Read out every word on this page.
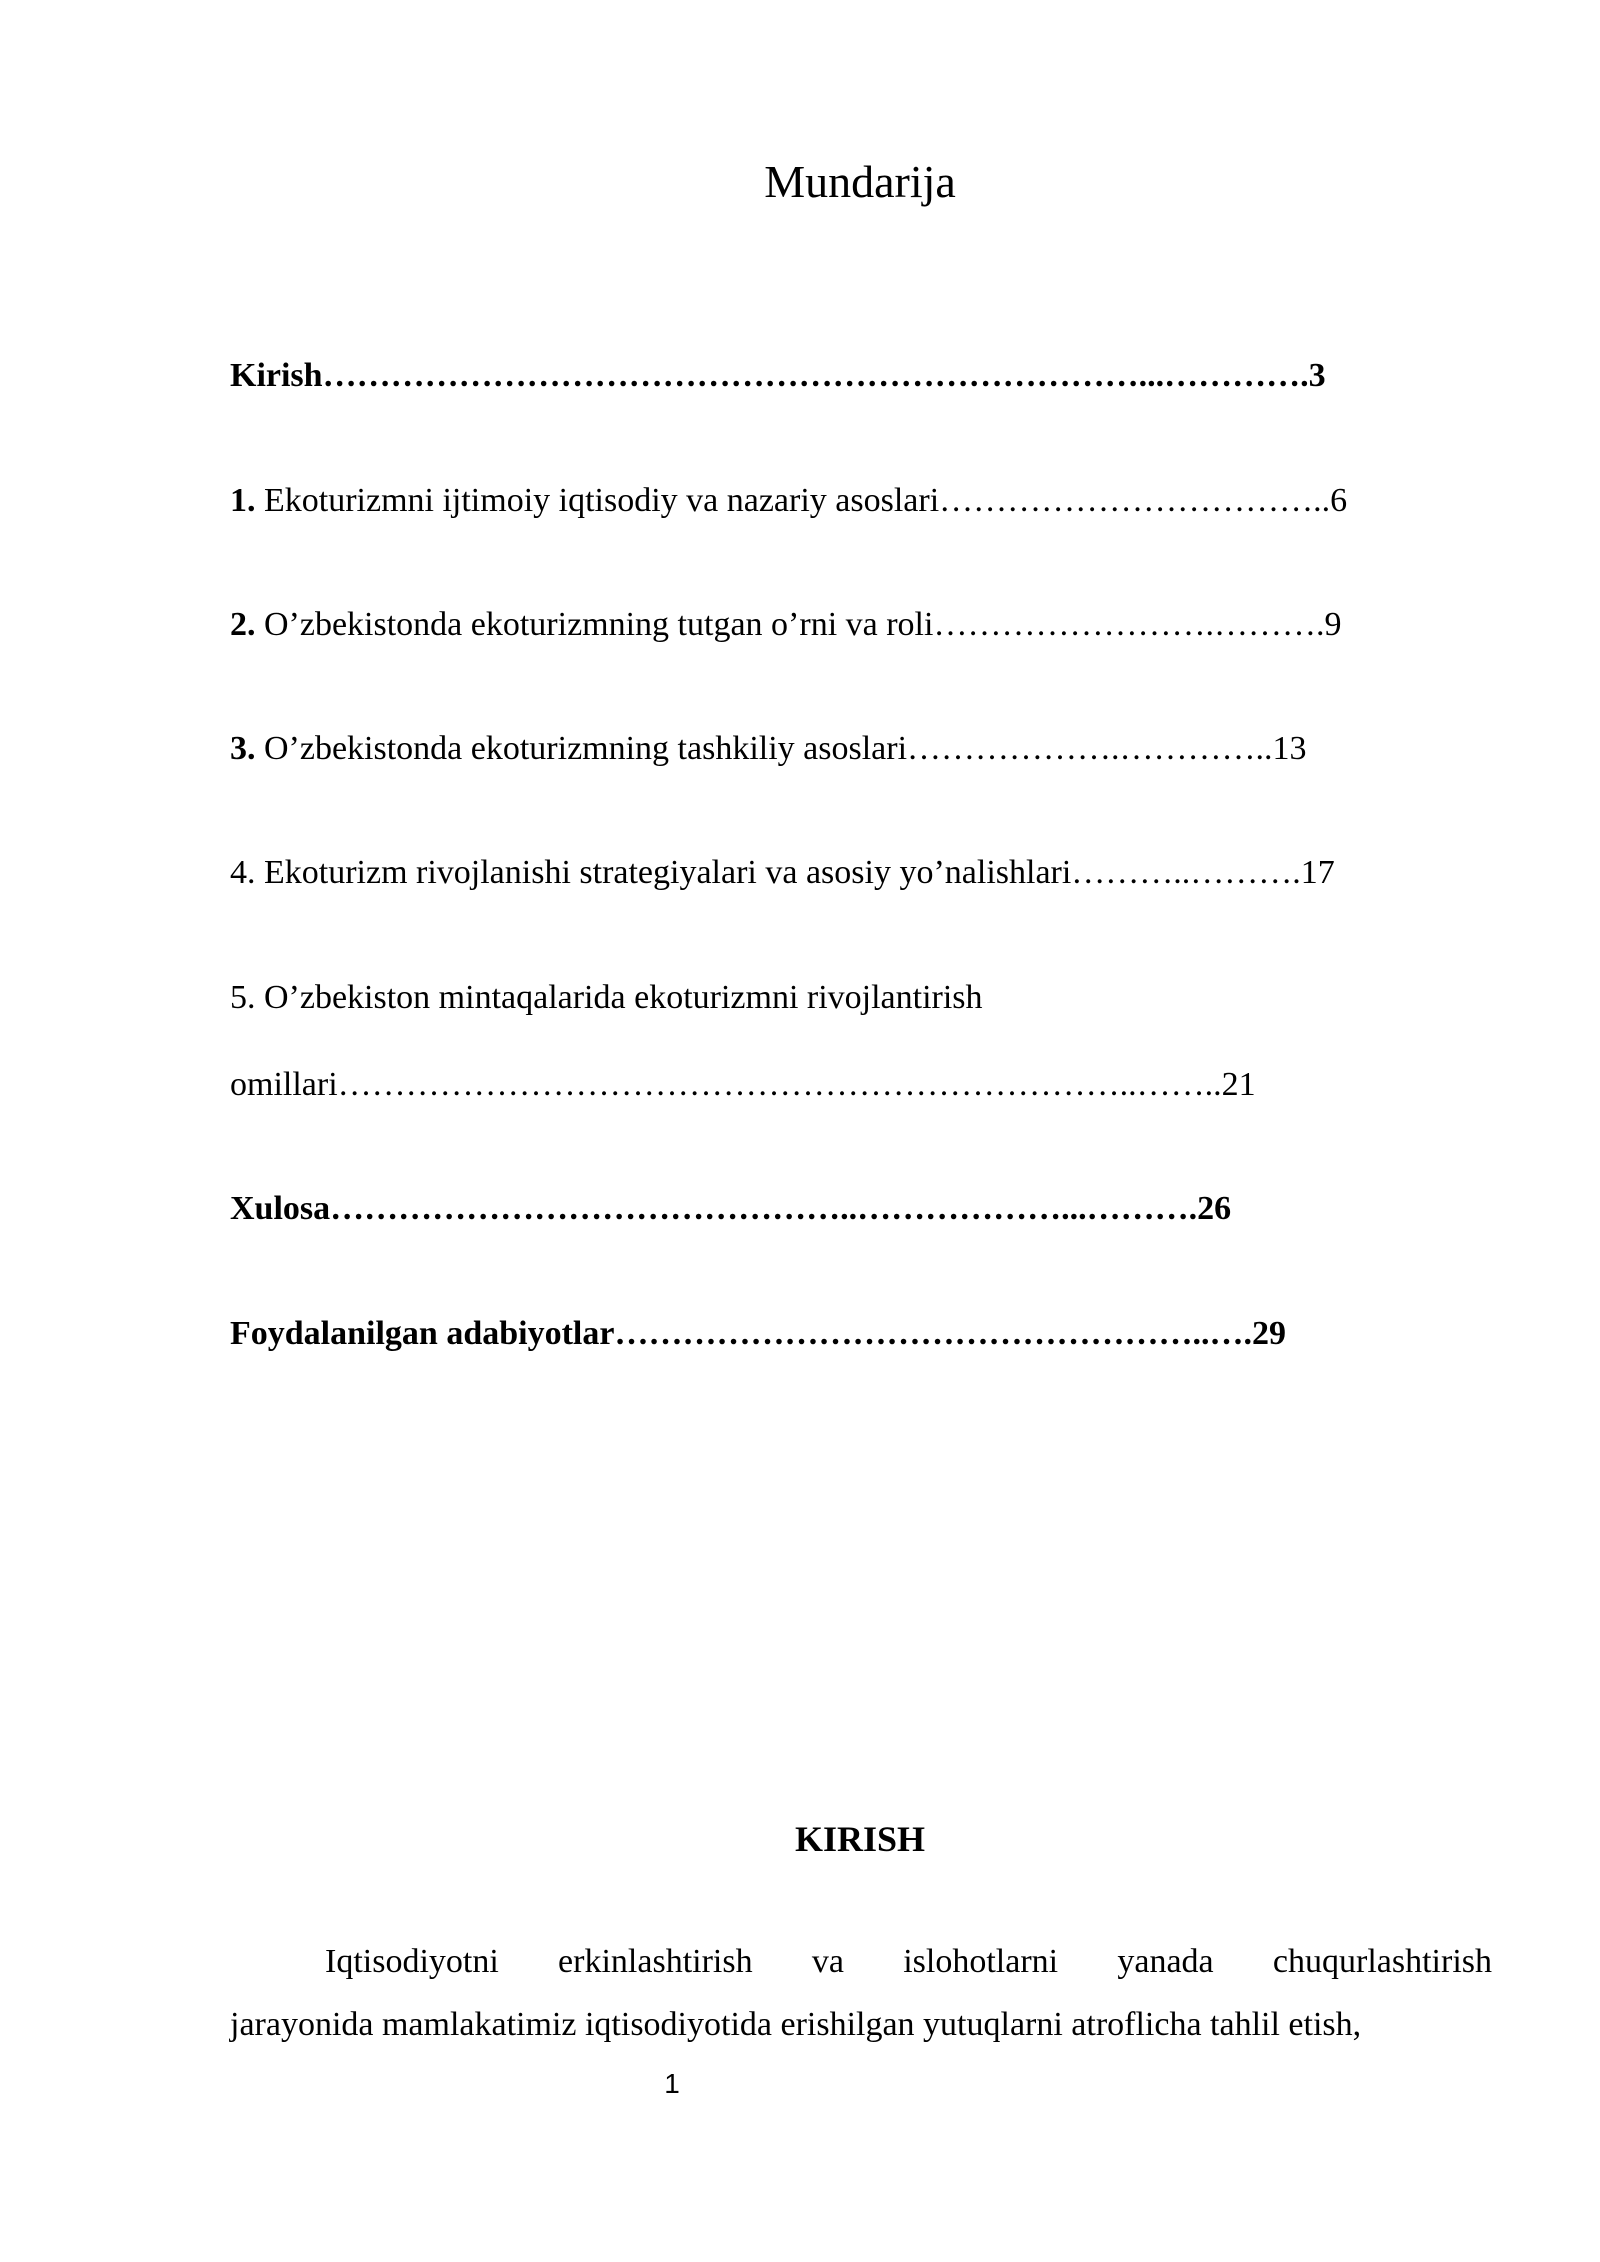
Mundarija
Kirish………………………………………………………………...………….3
1. Ekoturizmni ijtimoiy iqtisodiy va nazariy asoslari……………………………..6
2. O’zbekistonda ekoturizmning tutgan o’rni va roli…………………….……….9
3. O’zbekistonda ekoturizmning tashkiliy asoslari……………….…………..13
4. Ekoturizm rivojlanishi strategiyalari va asosiy yo’nalishlari………..……….17
5. O’zbekiston mintaqalarida ekoturizmni rivojlantirish
omillari……………………………………………………………..……..21
Xulosa………………………………………..………………...……….26
Foydalanilgan adabiyotlar……………………………………………..….29
KIRISH
Iqtisodiyotni erkinlashtirish va islohotlarni yanada chuqurlashtirish
jarayonida mamlakatimiz iqtisodiyotida erishilgan yutuqlarni atroflicha tahlil etish,
1
